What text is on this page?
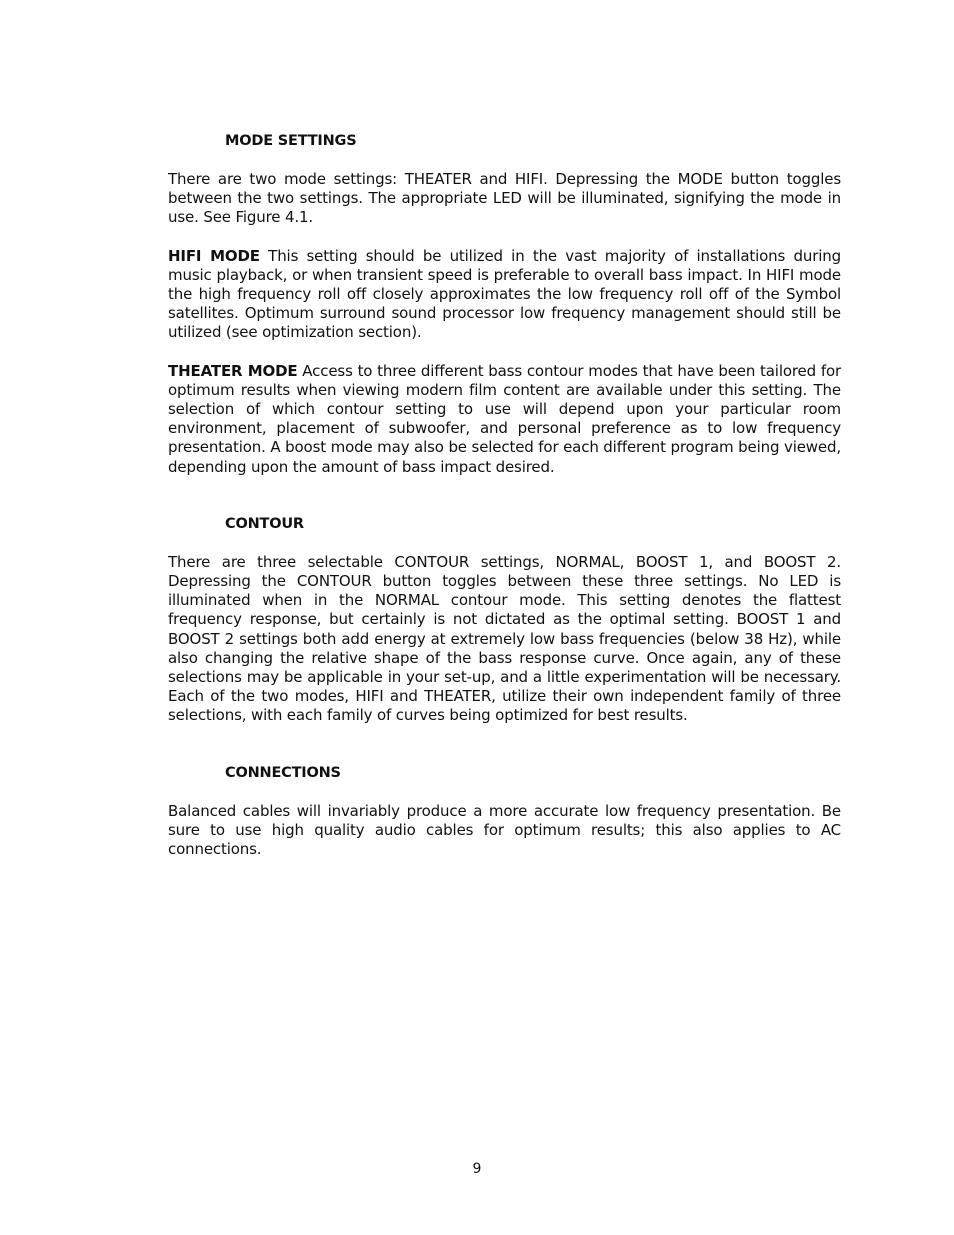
MODE SETTINGS

There are two mode settings: THEATER and HIFI. Depressing the MODE button toggles between the two settings. The appropriate LED will be illuminated, signifying the mode in use. See Figure 4.1.

HIFI MODE This setting should be utilized in the vast majority of installations during music playback, or when transient speed is preferable to overall bass impact. In HIFI mode the high frequency roll off closely approximates the low frequency roll off of the Symbol satellites. Optimum surround sound processor low frequency management should still be utilized (see optimization section).

THEATER MODE Access to three different bass contour modes that have been tailored for optimum results when viewing modern film content are available under this setting. The selection of which contour setting to use will depend upon your particular room environment, placement of subwoofer, and personal preference as to low frequency presentation. A boost mode may also be selected for each different program being viewed, depending upon the amount of bass impact desired.

CONTOUR

There are three selectable CONTOUR settings, NORMAL, BOOST 1, and BOOST 2. Depressing the CONTOUR button toggles between these three settings. No LED is illuminated when in the NORMAL contour mode. This setting denotes the flattest frequency response, but certainly is not dictated as the optimal setting. BOOST 1 and BOOST 2 settings both add energy at extremely low bass frequencies (below 38 Hz), while also changing the relative shape of the bass response curve. Once again, any of these selections may be applicable in your set-up, and a little experimentation will be necessary. Each of the two modes, HIFI and THEATER, utilize their own independent family of three selections, with each family of curves being optimized for best results.

CONNECTIONS

Balanced cables will invariably produce a more accurate low frequency presentation. Be sure to use high quality audio cables for optimum results; this also applies to AC connections.

9
